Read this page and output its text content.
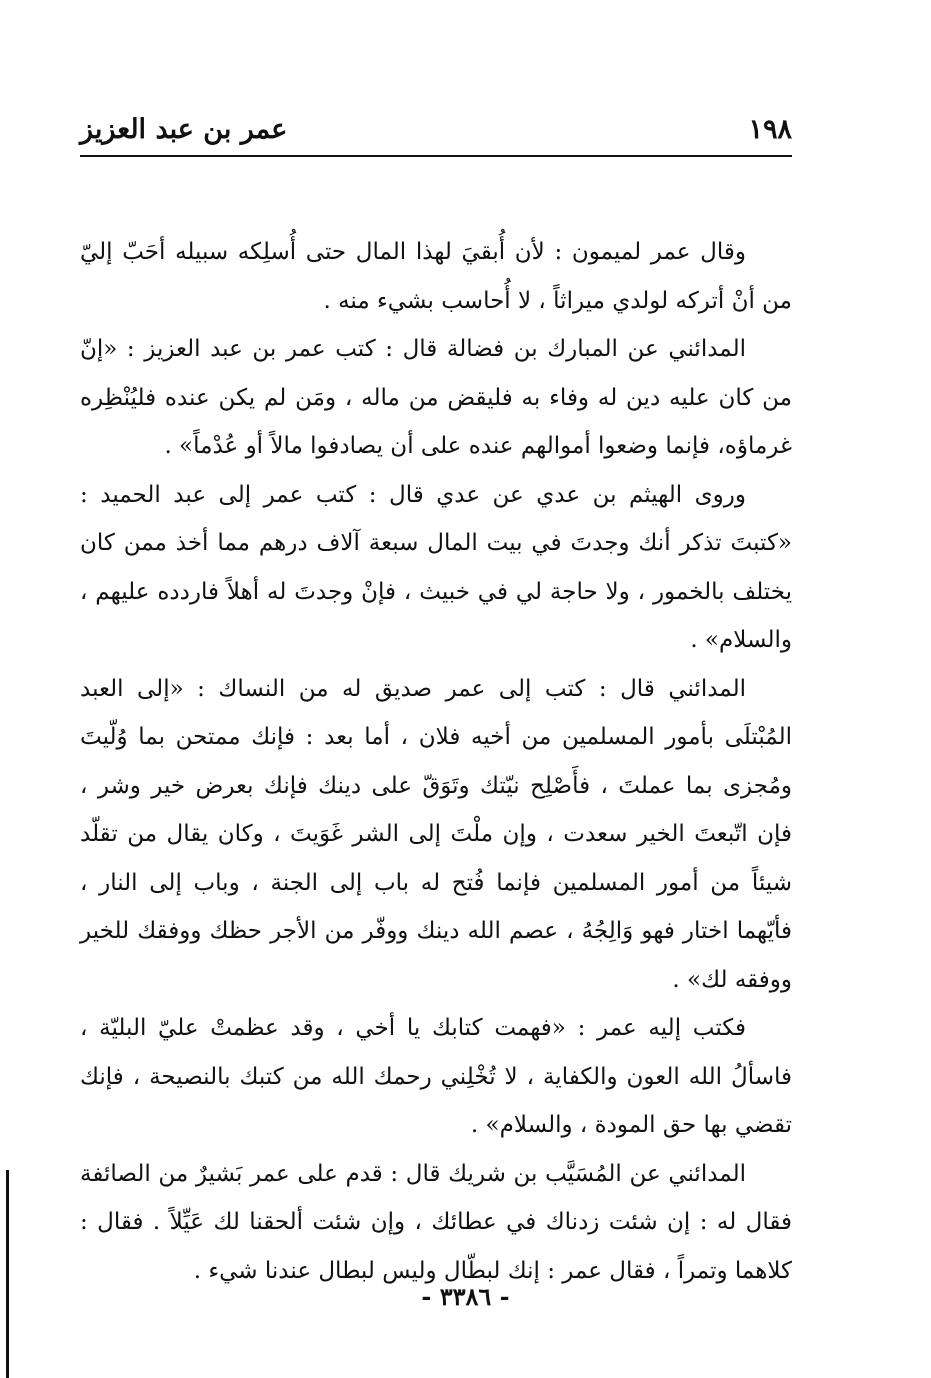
١٩٨
عمر بن عبد العزيز

وقال عمر لميمون : لأن أُبقيَ لهذا المال حتى أُسلِكه سبيله أحَبّ إليّ من أنْ أتركه لولدي ميراثاً ، لا أُحاسب بشيء منه .

المدائني عن المبارك بن فضالة قال : كتب عمر بن عبد العزيز : «إنّ من كان عليه دين له وفاء به فليقض من ماله ، ومَن لم يكن عنده فليُنْظِره غرماؤه، فإنما وضعوا أموالهم عنده على أن يصادفوا مالاً أو عُدْماً» .

وروى الهيثم بن عدي عن عدي قال : كتب عمر إلى عبد الحميد : «كتبتَ تذكر أنك وجدتَ في بيت المال سبعة آلاف درهم مما أخذ ممن كان يختلف بالخمور ، ولا حاجة لي في خبيث ، فإنْ وجدتَ له أهلاً فاردده عليهم ، والسلام» .

المدائني قال : كتب إلى عمر صديق له من النساك : «إلى العبد المُبْتلَى بأمور المسلمين من أخيه فلان ، أما بعد : فإنك ممتحن بما وُلّيتَ ومُجزى بما عملتَ ، فأَصْلِح نيّتك وتَوَقّ على دينك فإنك بعرض خير وشر ، فإن اتّبعتَ الخير سعدت ، وإن ملْتَ إلى الشر غَوَيتَ ، وكان يقال من تقلّد شيئاً من أمور المسلمين فإنما فُتح له باب إلى الجنة ، وباب إلى النار ، فأيّهما اختار فهو وَالِجُهُ ، عصم الله دينك ووفّر من الأجر حظك ووفقك للخير ووفقه لك» .

فكتب إليه عمر : «فهمت كتابك يا أخي ، وقد عظمتْ عليّ البليّة ، فاسألُ الله العون والكفاية ، لا تُخْلِني رحمك الله من كتبك بالنصيحة ، فإنك تقضي بها حق المودة ، والسلام» .

المدائني عن المُسَيَّب بن شريك قال : قدم على عمر بَشيرٌ من الصائفة فقال له : إن شئت زدناك في عطائك ، وإن شئت ألحقنا لك عَيِّلاً . فقال : كلاهما وتمراً ، فقال عمر : إنك لبطّال وليس لبطال عندنا شيء .

- ٣٣٨٦ -
